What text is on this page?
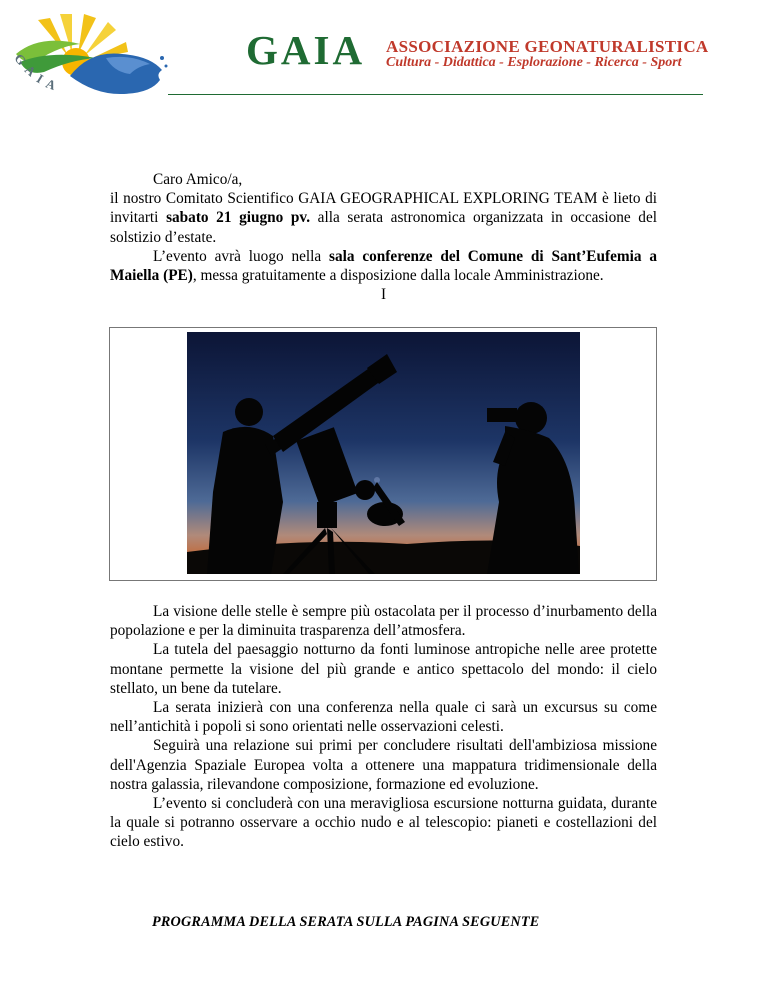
GAIA
GAIA ASSOCIAZIONE GEONATURALISTICA
Cultura - Didattica - Esplorazione - Ricerca - Sport

Caro Amico/a,

il nostro Comitato Scientifico GAIA GEOGRAPHICAL EXPLORING TEAM è lieto di invitarti sabato 21 giugno pv. alla serata astronomica organizzata in occasione del solstizio d’estate.

L’evento avrà luogo nella sala conferenze del Comune di Sant’Eufemia a Maiella (PE), messa gratuitamente a disposizione dalla locale Amministrazione.

I

La visione delle stelle è sempre più ostacolata per il processo d’inurbamento della popolazione e per la diminuita trasparenza dell’atmosfera.

La tutela del paesaggio notturno da fonti luminose antropiche nelle aree protette montane permette la visione del più grande e antico spettacolo del mondo: il cielo stellato, un bene da tutelare.

La serata inizierà con una conferenza nella quale ci sarà un excursus su come nell’antichità i popoli si sono orientati nelle osservazioni celesti.

Seguirà una relazione sui primi per concludere risultati dell'ambiziosa missione dell'Agenzia Spaziale Europea volta a ottenere una mappatura tridimensionale della nostra galassia, rilevandone composizione, formazione ed evoluzione.

L’evento si concluderà con una meravigliosa escursione notturna guidata, durante la quale si potranno osservare a occhio nudo e al telescopio: pianeti e costellazioni del cielo estivo.

PROGRAMMA DELLA SERATA SULLA PAGINA SEGUENTE
